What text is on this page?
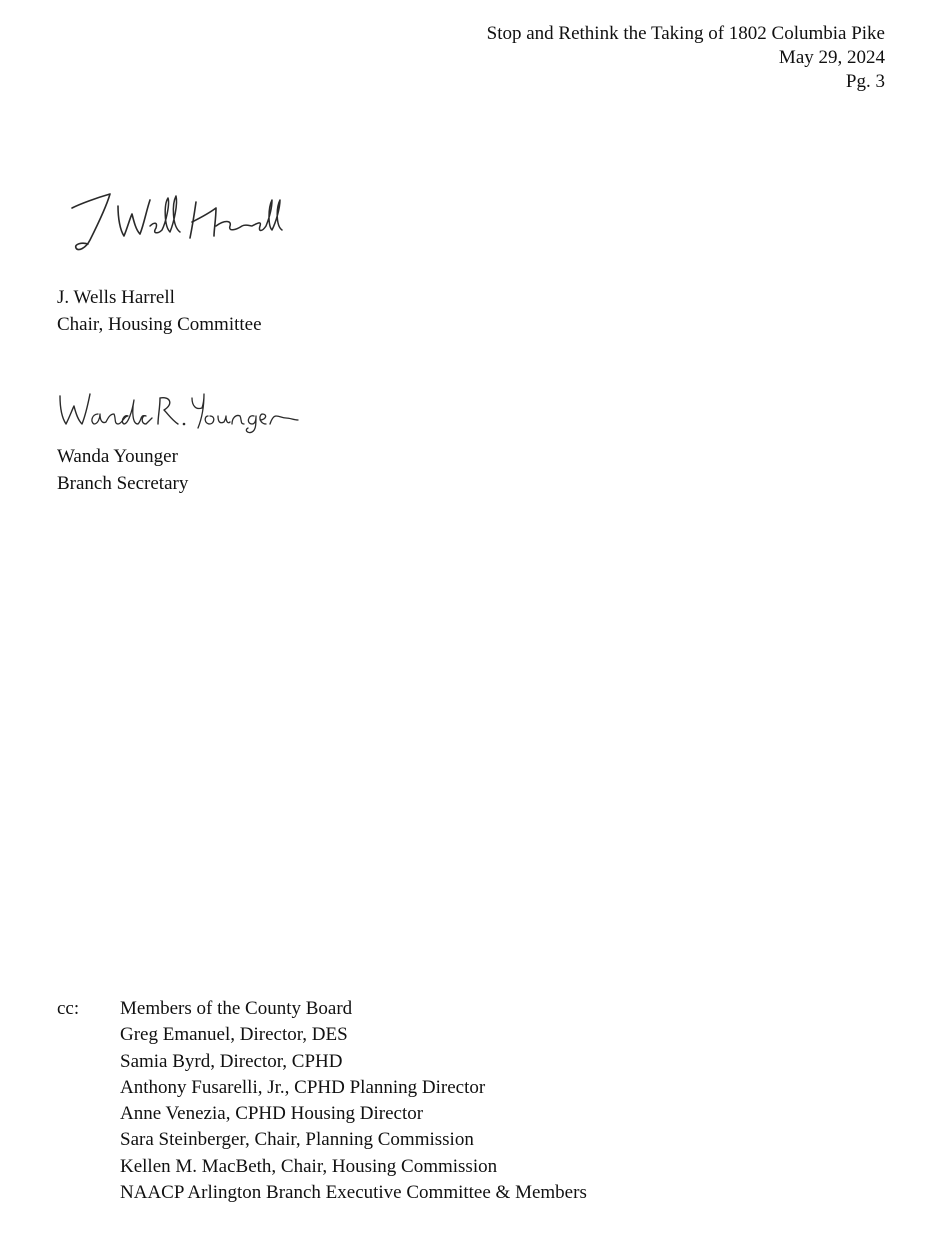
Stop and Rethink the Taking of 1802 Columbia Pike
May 29, 2024
Pg. 3
J. Wells Harrell
Chair, Housing Committee
Wanda Younger
Branch Secretary
cc: Members of the County Board
Greg Emanuel, Director, DES
Samia Byrd, Director, CPHD
Anthony Fusarelli, Jr., CPHD Planning Director
Anne Venezia, CPHD Housing Director
Sara Steinberger, Chair, Planning Commission
Kellen M. MacBeth, Chair, Housing Commission
NAACP Arlington Branch Executive Committee & Members
